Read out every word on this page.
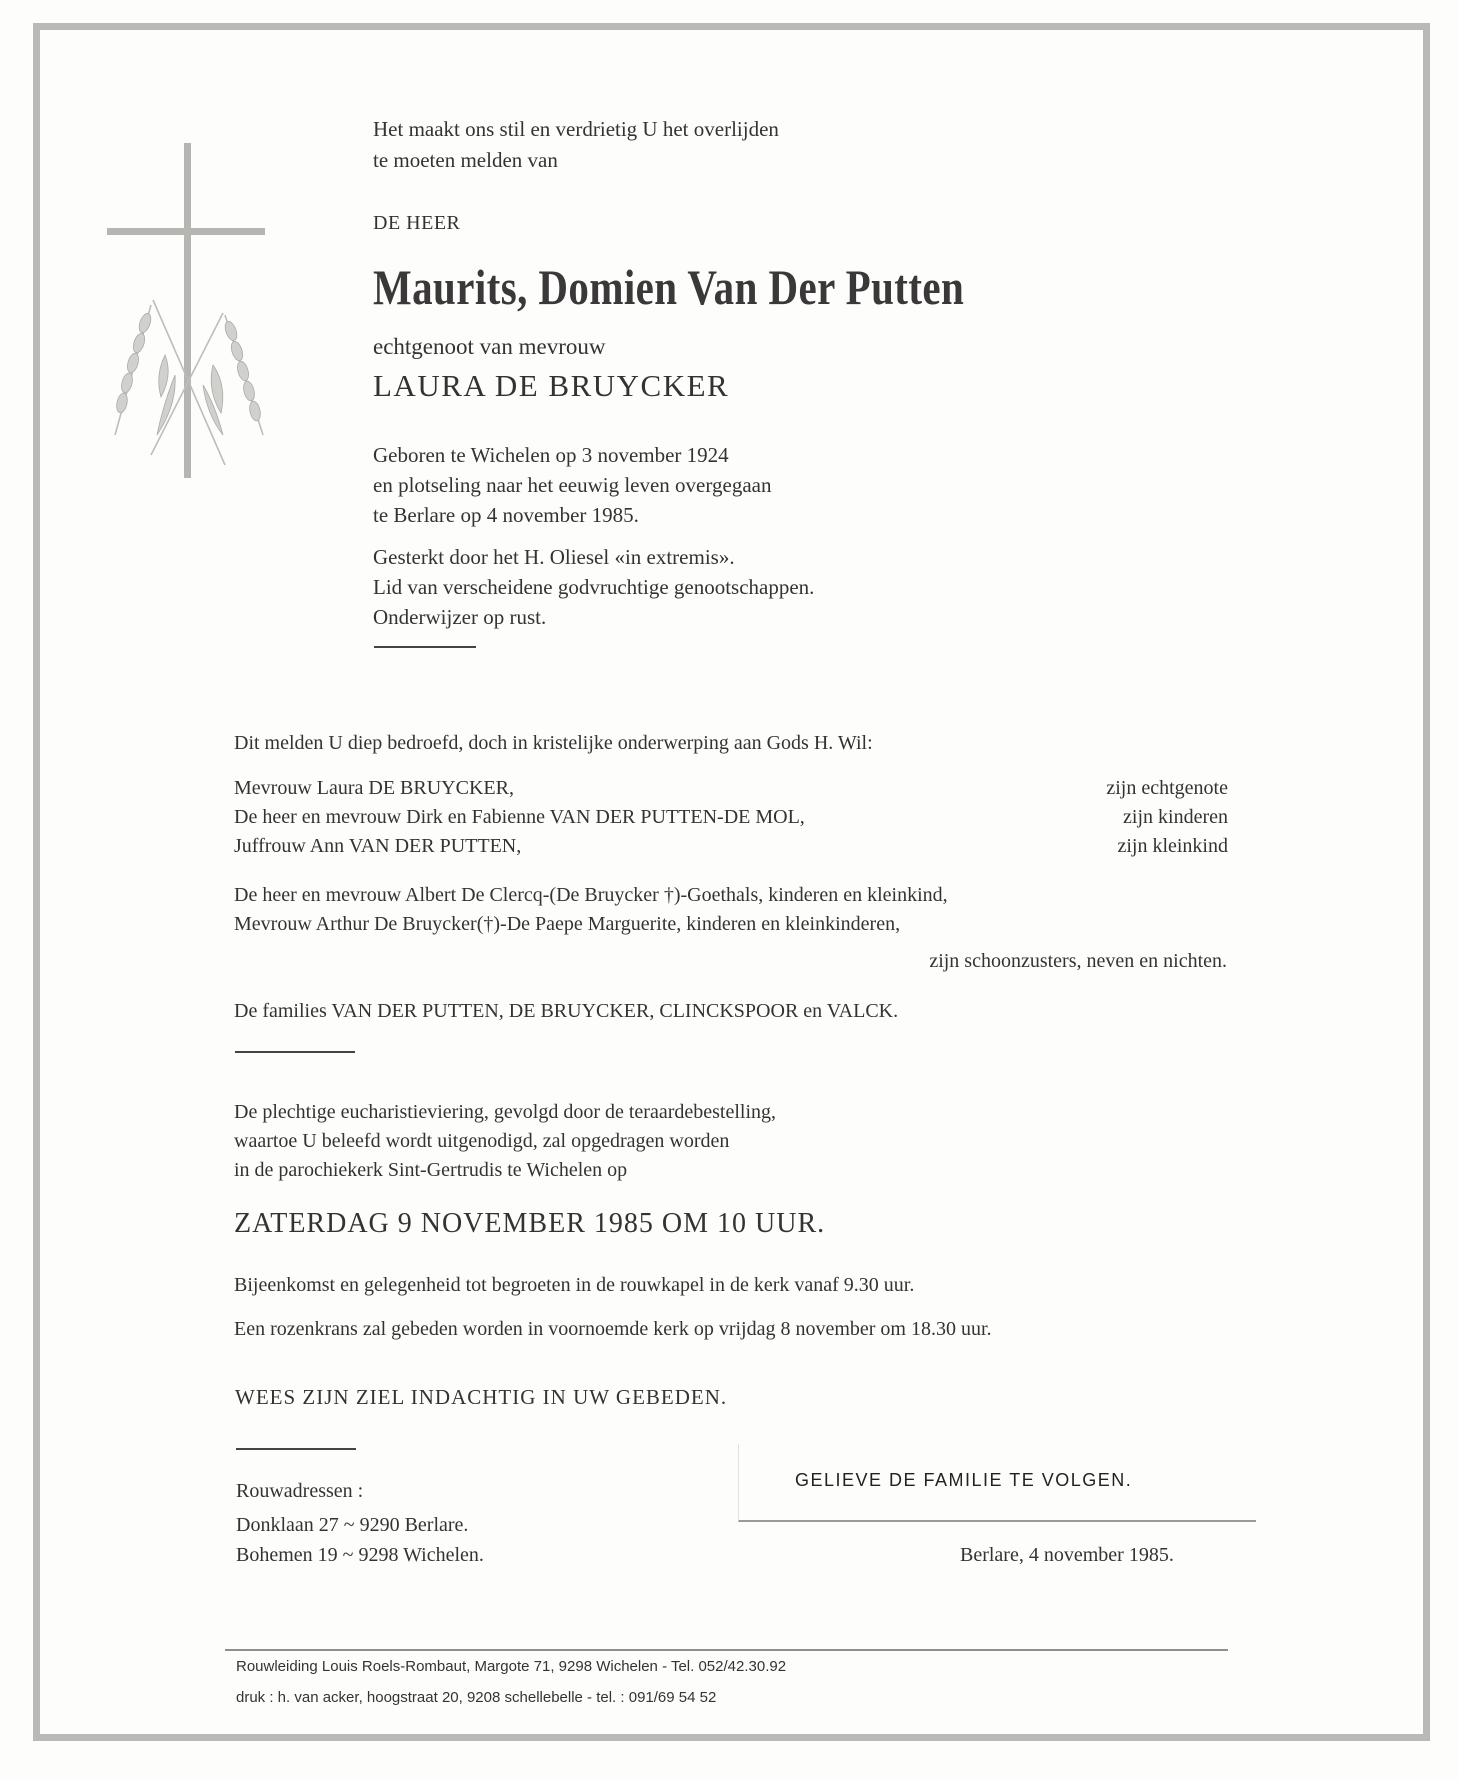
Het maakt ons stil en verdrietig U het overlijden
te moeten melden van
DE HEER
Maurits, Domien Van Der Putten
echtgenoot van mevrouw
LAURA DE BRUYCKER
Geboren te Wichelen op 3 november 1924
en plotseling naar het eeuwig leven overgegaan
te Berlare op 4 november 1985.
Gesterkt door het H. Oliesel «in extremis».
Lid van verscheidene godvruchtige genootschappen.
Onderwijzer op rust.
Dit melden U diep bedroefd, doch in kristelijke onderwerping aan Gods H. Wil:
Mevrouw Laura DE BRUYCKER,	zijn echtgenote
De heer en mevrouw Dirk en Fabienne VAN DER PUTTEN-DE MOL,	zijn kinderen
Juffrouw Ann VAN DER PUTTEN,	zijn kleinkind
De heer en mevrouw Albert De Clercq-(De Bruycker †)-Goethals, kinderen en kleinkind,
Mevrouw Arthur De Bruycker(†)-De Paepe Marguerite, kinderen en kleinkinderen,
zijn schoonzusters, neven en nichten.
De families VAN DER PUTTEN, DE BRUYCKER, CLINCKSPOOR en VALCK.
De plechtige eucharistieviering, gevolgd door de teraardebestelling,
waartoe U beleefd wordt uitgenodigd, zal opgedragen worden
in de parochiekerk Sint-Gertrudis te Wichelen op
ZATERDAG 9 NOVEMBER 1985 OM 10 UUR.
Bijeenkomst en gelegenheid tot begroeten in de rouwkapel in de kerk vanaf 9.30 uur.
Een rozenkrans zal gebeden worden in voornoemde kerk op vrijdag 8 november om 18.30 uur.
WEES ZIJN ZIEL INDACHTIG IN UW GEBEDEN.
Rouwadressen :
Donklaan 27 ~ 9290 Berlare.
Bohemen 19 ~ 9298 Wichelen.
GELIEVE DE FAMILIE TE VOLGEN.
Berlare, 4 november 1985.
Rouwleiding Louis Roels-Rombaut, Margote 71, 9298 Wichelen - Tel. 052/42.30.92
druk : h. van acker, hoogstraat 20, 9208 schellebelle - tel. : 091/69 54 52
